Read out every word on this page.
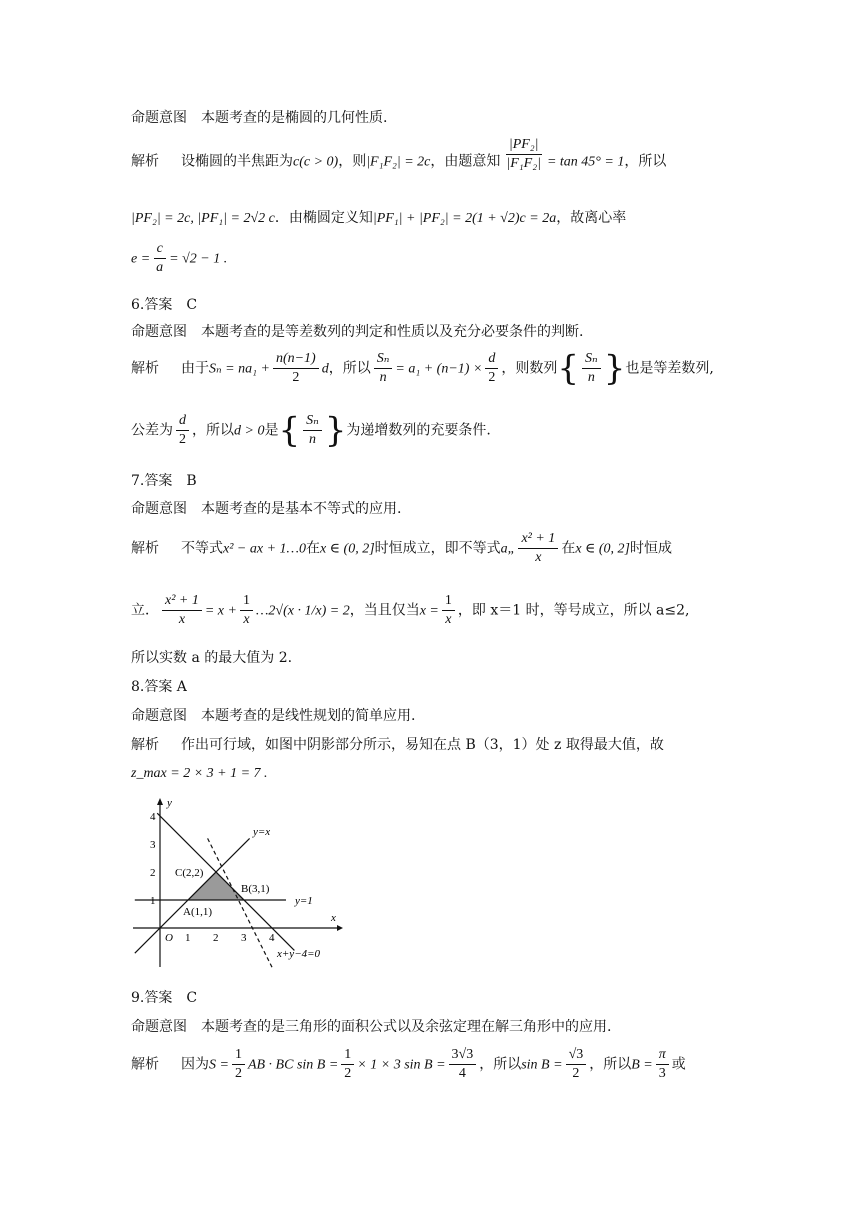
命题意图　本题考查的是椭圆的几何性质.
解析 设椭圆的半焦距为c(c > 0)，则|F₁F₂| = 2c，由题意知 $\frac{\text{|PF₂|}}{\text{|F₁F₂|}} = \tan 45^\circ = 1$，所以
|PF₂| = 2c, |PF₁| = 2√2 c．由椭圆定义知|PF₁| + |PF₂| = 2(1 + √2)c = 2a，故离心率
$e = \frac{c}{a} = √2 - 1$ .
6.答案　C
命题意图　本题考查的是等差数列的判定和性质以及充分必要条件的判断.
解析 由于$S_n = na_1 + \frac{n(n-1)}{2}$ d，所以 $\frac{\text{Sₙ}}{n} = a_1 + (n-1) \times \frac{d}{2}$ ，则数列{ $\frac{\text{Sₙ}}{n}$ }也是等差数列,
公差为 $\frac{d}{2}$ ，所以d > 0是{ $\frac{\text{Sₙ}}{n}$ }为递增数列的充要条件.
7.答案　B
命题意图　本题考查的是基本不等式的应用.
解析 不等式x² − ax + 1…0在x ∈ (0, 2]时恒成立，即不等式a„ $\frac{\text{x² + 1}}{x}$ 在x ∈ (0, 2]时恒成
立． $\frac{\text{x² + 1}}{x} = x + \frac{1}{x}$ …2√(x · 1/x) = 2，当且仅当$x = \frac{1}{x}$ ，即 x＝1 时，等号成立，所以 a≤2,
所以实数 a 的最大值为 2.
8.答案 A
命题意图　本题考查的是线性规划的简单应用.
解析 作出可行域，如图中阴影部分所示，易知在点 B（3，1）处 z 取得最大值，故
z_max = 2 × 3 + 1 = 7 .
y
x
O 1 2 3 4
1
2
3
4
y=x
y=1
x+y−4=0
A(1,1)
B(3,1)
C(2,2)
9.答案　C
命题意图　本题考查的是三角形的面积公式以及余弦定理在解三角形中的应用.
解析 因为$S = \frac{1}{2}$ AB · BC $\sin B = \frac{1}{2} \times 1 \times 3$ $\sin B = \frac{3√3}{4}$ ，所以$\sin B = \frac{√3}{2}$ ，所以$B = \frac{\pi}{3}$ 或
